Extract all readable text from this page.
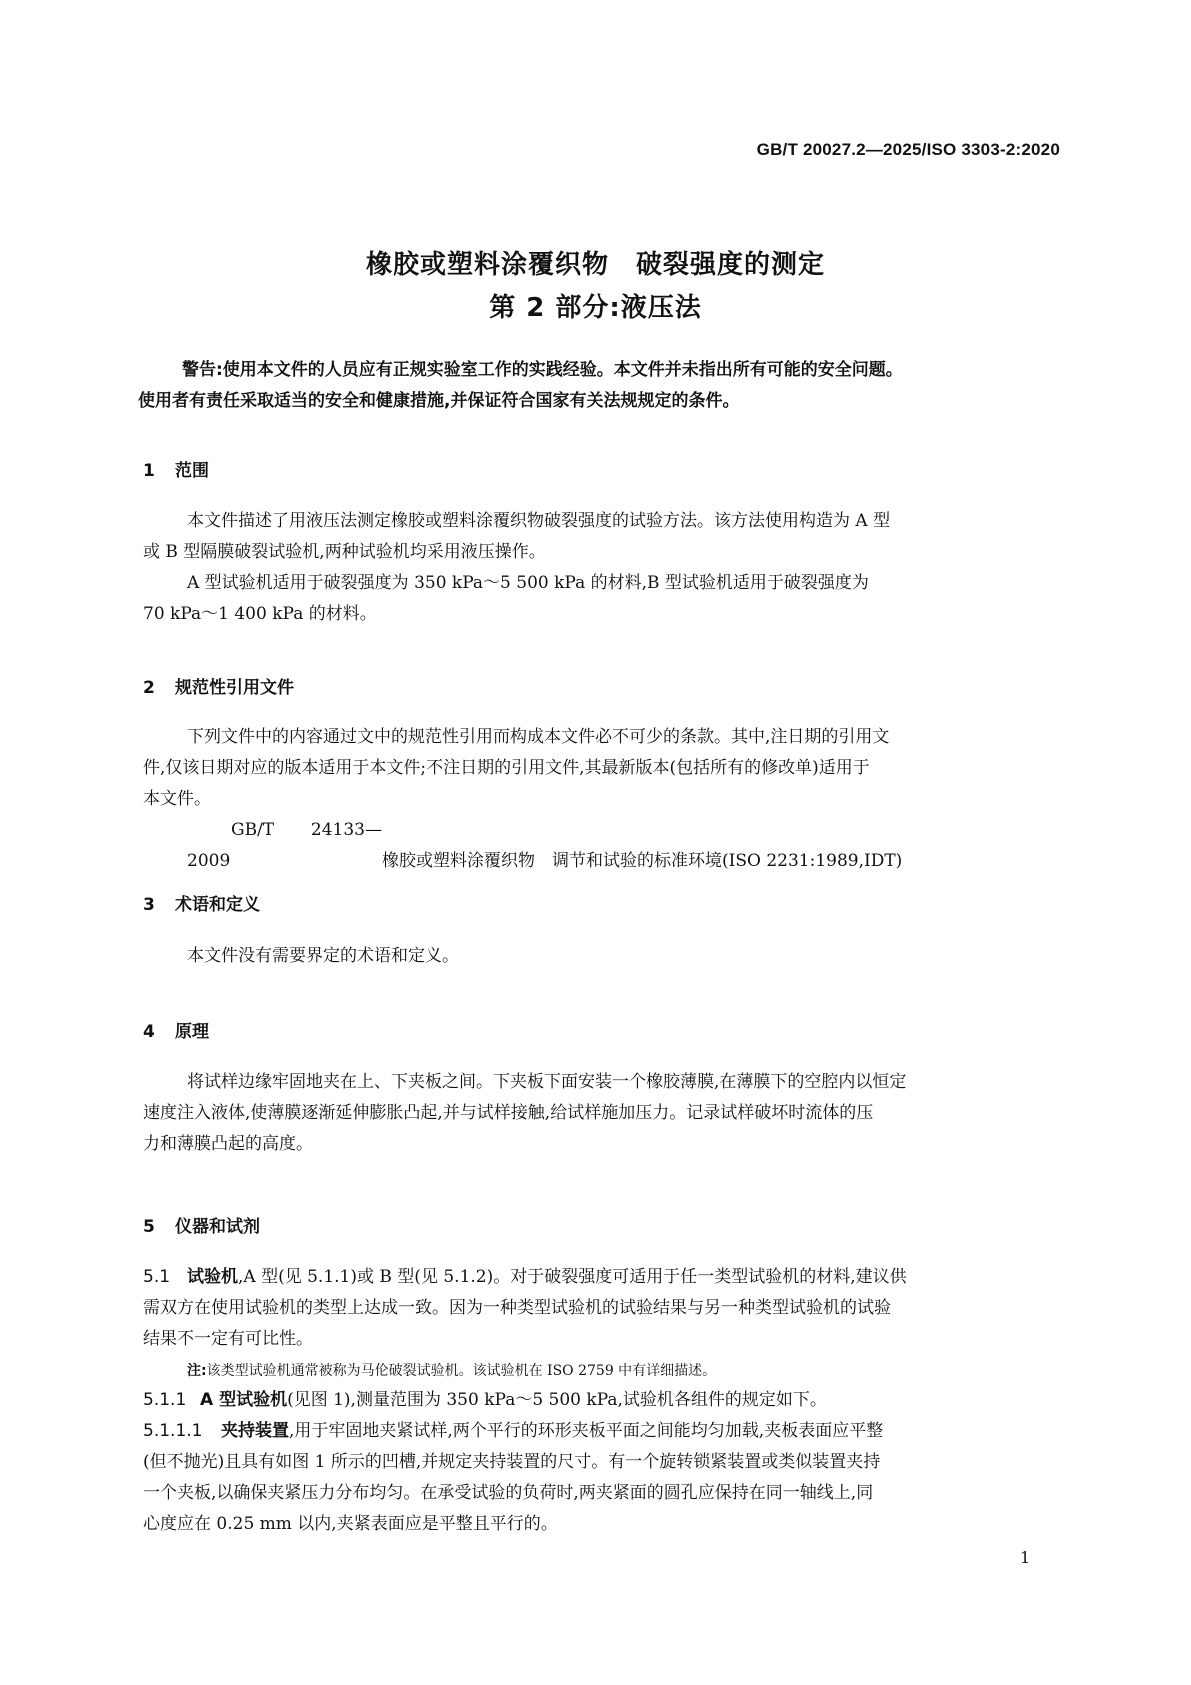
GB/T 20027.2—2025/ISO 3303-2:2020
橡胶或塑料涂覆织物　破裂强度的测定
第 2 部分:液压法

警告:使用本文件的人员应有正规实验室工作的实践经验。本文件并未指出所有可能的安全问题。

使用者有责任采取适当的安全和健康措施,并保证符合国家有关法规规定的条件。

1 范围

本文件描述了用液压法测定橡胶或塑料涂覆织物破裂强度的试验方法。该方法使用构造为 A 型

或 B 型隔膜破裂试验机,两种试验机均采用液压操作。

A 型试验机适用于破裂强度为 350 kPa～5 500 kPa 的材料,B 型试验机适用于破裂强度为

70 kPa～1 400 kPa 的材料。

2 规范性引用文件

下列文件中的内容通过文中的规范性引用而构成本文件必不可少的条款。其中,注日期的引用文

件,仅该日期对应的版本适用于本文件;不注日期的引用文件,其最新版本(包括所有的修改单)适用于

本文件。

GB/T 24133—2009	橡胶或塑料涂覆织物　调节和试验的标准环境(ISO 2231:1989,IDT)

3 术语和定义

本文件没有需要界定的术语和定义。

4 原理

将试样边缘牢固地夹在上、下夹板之间。下夹板下面安装一个橡胶薄膜,在薄膜下的空腔内以恒定

速度注入液体,使薄膜逐渐延伸膨胀凸起,并与试样接触,给试样施加压力。记录试样破坏时流体的压

力和薄膜凸起的高度。

5 仪器和试剂

5.1 试验机,A 型(见 5.1.1)或 B 型(见 5.1.2)。对于破裂强度可适用于任一类型试验机的材料,建议供

需双方在使用试验机的类型上达成一致。因为一种类型试验机的试验结果与另一种类型试验机的试验

结果不一定有可比性。

注:该类型试验机通常被称为马伦破裂试验机。该试验机在 ISO 2759 中有详细描述。

5.1.1 A 型试验机(见图 1),测量范围为 350 kPa～5 500 kPa,试验机各组件的规定如下。

5.1.1.1 夹持装置,用于牢固地夹紧试样,两个平行的环形夹板平面之间能均匀加载,夹板表面应平整

(但不抛光)且具有如图 1 所示的凹槽,并规定夹持装置的尺寸。有一个旋转锁紧装置或类似装置夹持

一个夹板,以确保夹紧压力分布均匀。在承受试验的负荷时,两夹紧面的圆孔应保持在同一轴线上,同

心度应在 0.25 mm 以内,夹紧表面应是平整且平行的。

1
